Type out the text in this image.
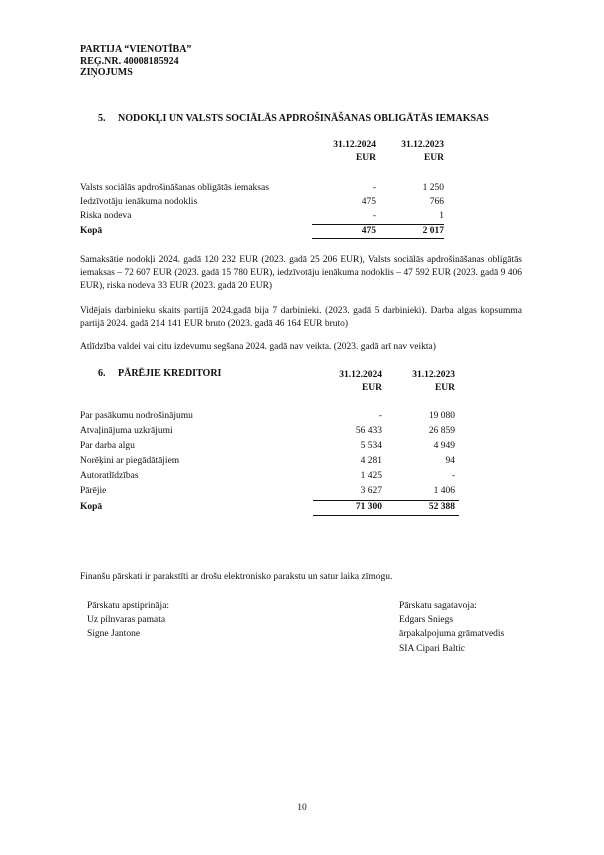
PARTIJA “VIENOTĪBA”
REĢ.NR. 40008185924
ZIŅOJUMS
5. NODOKĻI UN VALSTS SOCIĀLĀS APDROŠINĀŠANAS OBLIGĀTĀS IEMAKSAS
31.12.2024
EUR
31.12.2023
EUR
Valsts sociālās apdrošināšanas obligātās iemaksas	-	1 250
Iedzīvotāju ienākuma nodoklis	475	766
Riska nodeva	-	1
Kopā	475	2 017
Samaksātie nodokļi 2024. gadā 120 232 EUR (2023. gadā 25 206 EUR), Valsts sociālās apdrošināšanas obligātās iemaksas – 72 607 EUR (2023. gadā 15 780 EUR), iedzīvotāju ienākuma nodoklis – 47 592 EUR (2023. gadā 9 406 EUR), riska nodeva 33 EUR (2023. gadā 20 EUR)
Vidējais darbinieku skaits partijā 2024.gadā bija 7 darbinieki. (2023. gadā 5 darbinieki). Darba algas kopsumma partijā 2024. gadā 214 141 EUR bruto (2023. gadā 46 164 EUR bruto)
Atlīdzība valdei vai citu izdevumu segšana 2024. gadā nav veikta. (2023. gadā arī nav veikta)
6. PĀRĒJIE KREDITORI	31.12.2024
EUR
31.12.2023
EUR
Par pasākumu nodrošinājumu	-	19 080
Atvaļinājuma uzkrājumi	56 433	26 859
Par darba algu	5 534	4 949
Norēķini ar piegādātājiem	4 281	94
Autoratlīdzības	1 425	-
Pārējie	3 627	1 406
Kopā	71 300	52 388
Finanšu pārskati ir parakstīti ar drošu elektronisko parakstu un satur laika zīmogu.
Pārskatu apstiprināja:
Uz pilnvaras pamata
Signe Jantone
Pārskatu sagatavoja:
Edgars Sniegs
ārpakalpojuma grāmatvedis
SIA Cipari Baltic
10
